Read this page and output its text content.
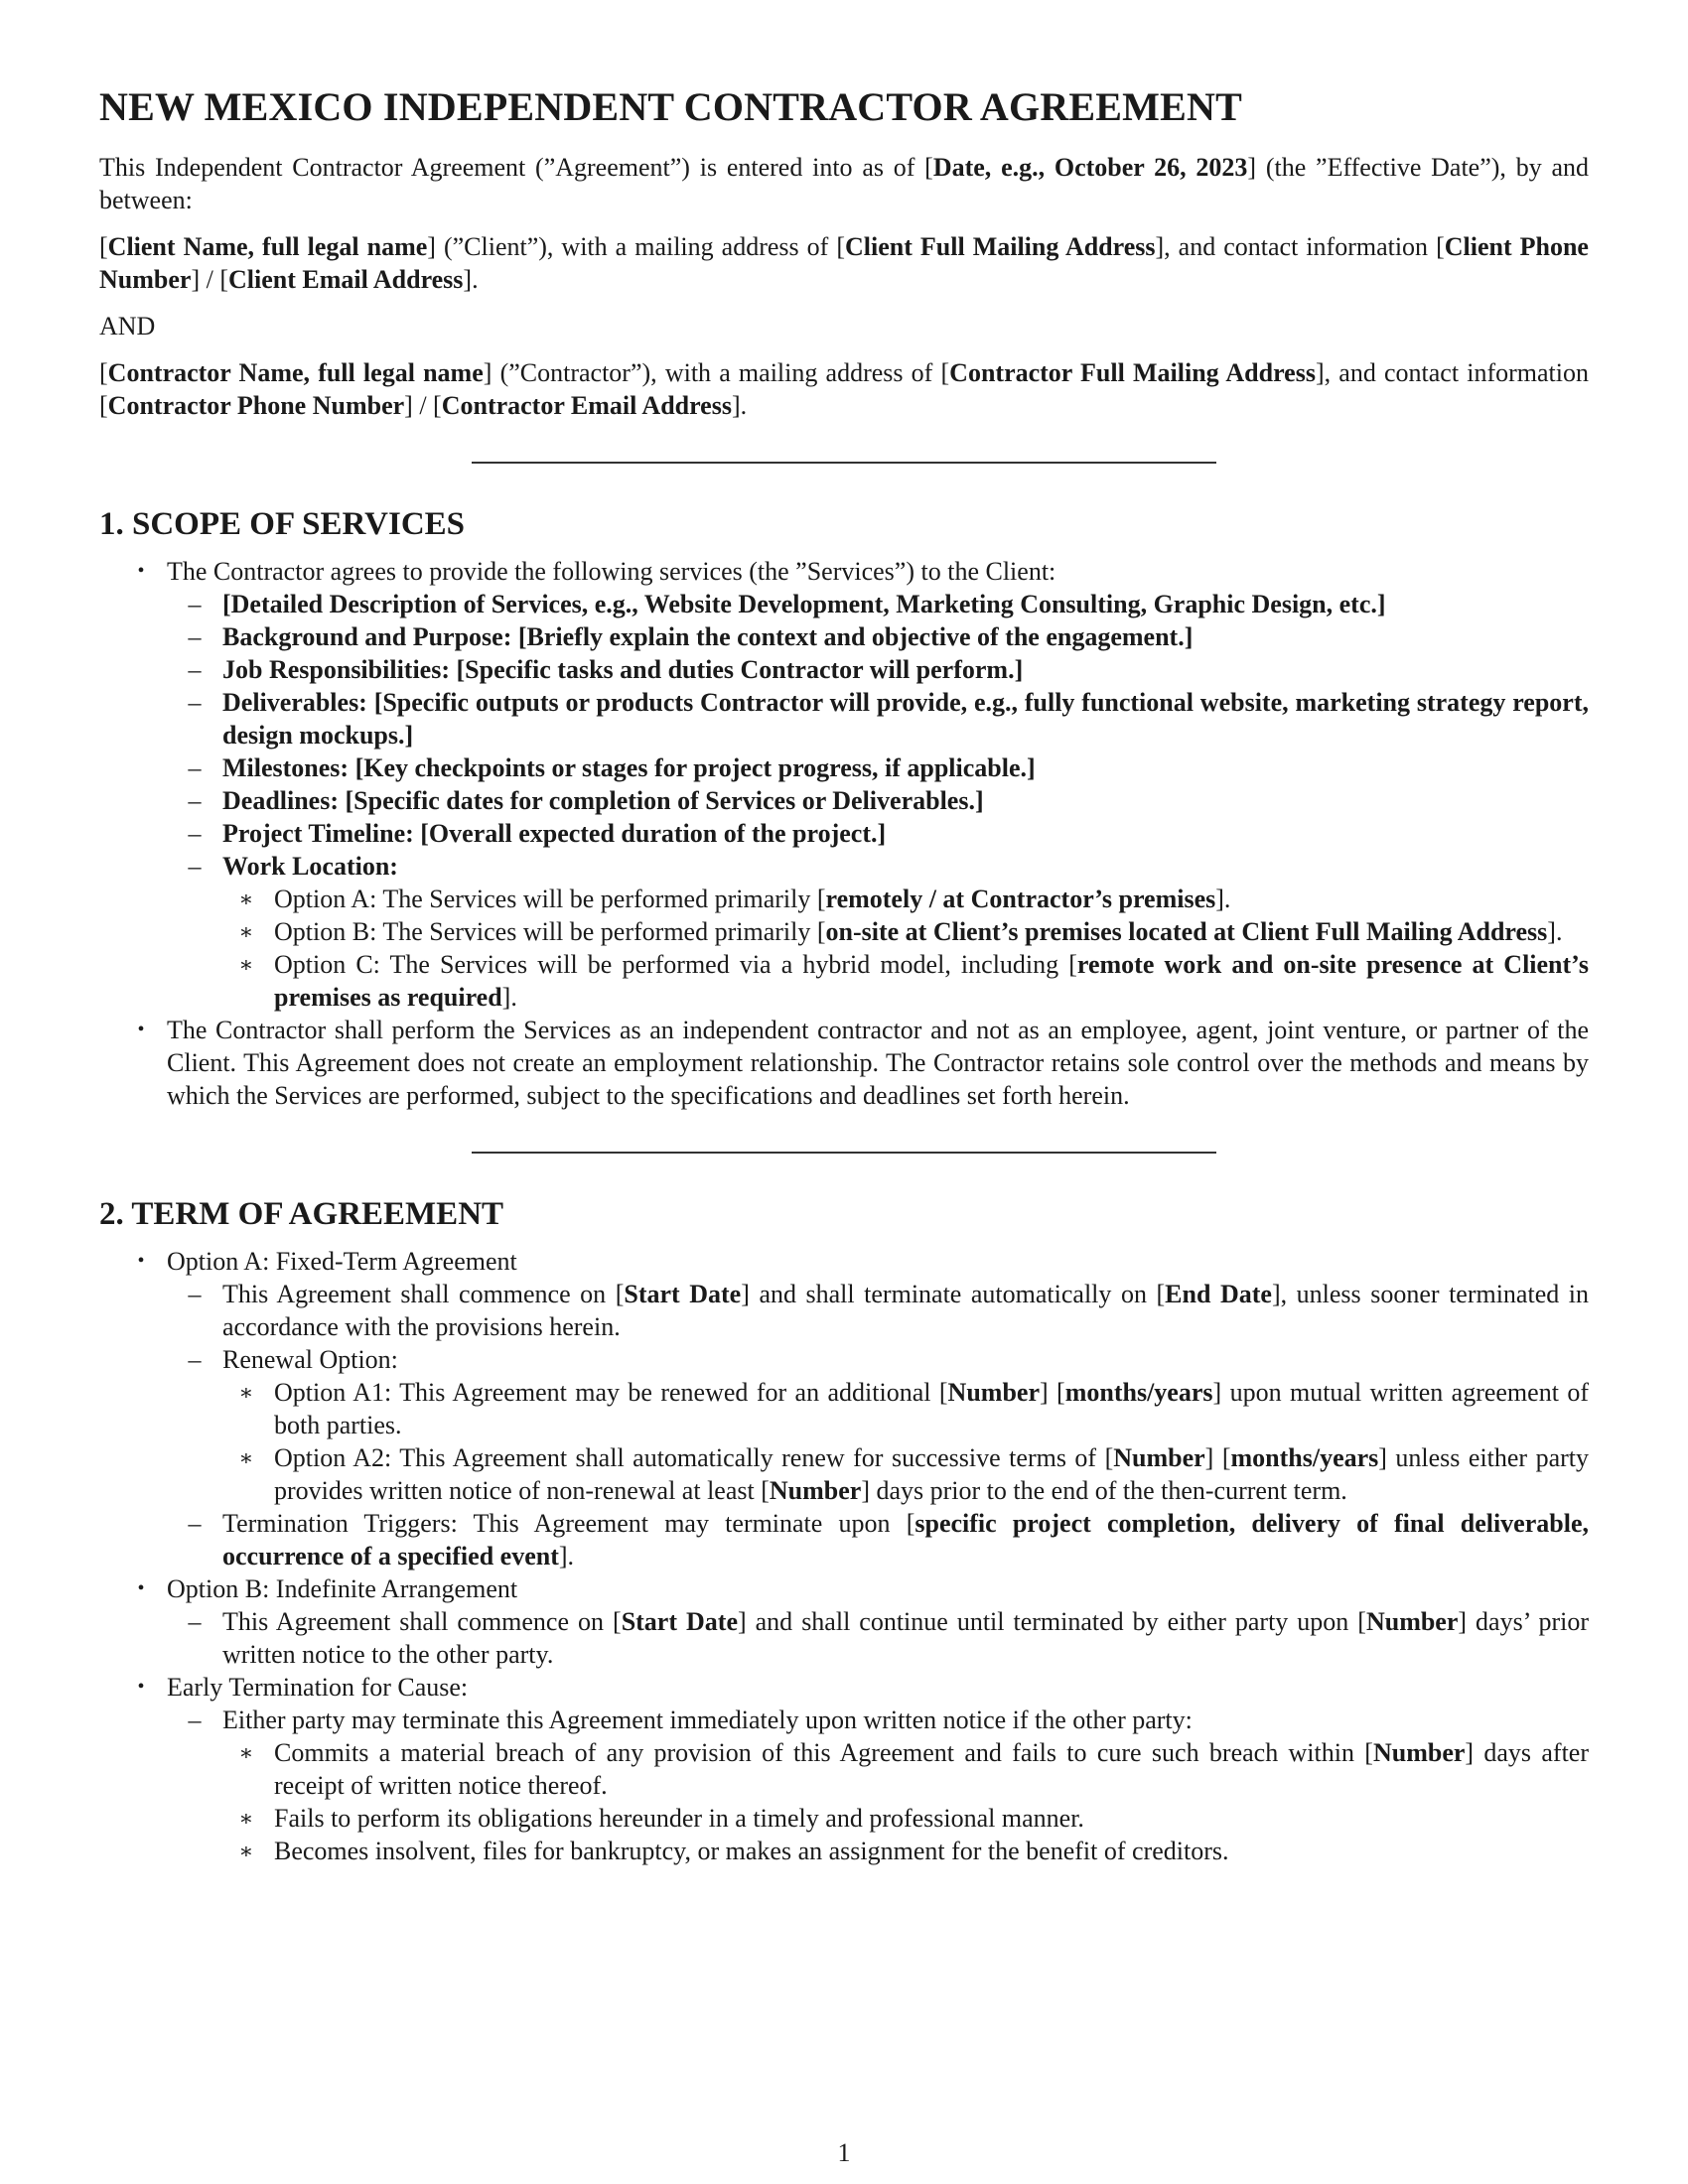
NEW MEXICO INDEPENDENT CONTRACTOR AGREEMENT

This Independent Contractor Agreement (”Agreement”) is entered into as of [Date, e.g., October 26, 2023] (the ”Effective Date”), by and between:

[Client Name, full legal name] (”Client”), with a mailing address of [Client Full Mailing Address], and contact information [Client Phone Number] / [Client Email Address].

AND

[Contractor Name, full legal name] (”Contractor”), with a mailing address of [Contractor Full Mailing Address], and contact information [Contractor Phone Number] / [Contractor Email Address].

1. SCOPE OF SERVICES
• The Contractor agrees to provide the following services (the ”Services”) to the Client:
– [Detailed Description of Services, e.g., Website Development, Marketing Consulting, Graphic Design, etc.]
– Background and Purpose: [Briefly explain the context and objective of the engagement.]
– Job Responsibilities: [Specific tasks and duties Contractor will perform.]
– Deliverables: [Specific outputs or products Contractor will provide, e.g., fully functional website, marketing strategy report, design mockups.]
– Milestones: [Key checkpoints or stages for project progress, if applicable.]
– Deadlines: [Specific dates for completion of Services or Deliverables.]
– Project Timeline: [Overall expected duration of the project.]
– Work Location:
∗ Option A: The Services will be performed primarily [remotely / at Contractor’s premises].
∗ Option B: The Services will be performed primarily [on-site at Client’s premises located at Client Full Mailing Address].
∗ Option C: The Services will be performed via a hybrid model, including [remote work and on-site presence at Client’s premises as required].
• The Contractor shall perform the Services as an independent contractor and not as an employee, agent, joint venture, or partner of the Client. This Agreement does not create an employment relationship. The Contractor retains sole control over the methods and means by which the Services are performed, subject to the specifications and deadlines set forth herein.
2. TERM OF AGREEMENT
• Option A: Fixed-Term Agreement
– This Agreement shall commence on [Start Date] and shall terminate automatically on [End Date], unless sooner terminated in accordance with the provisions herein.
– Renewal Option:
∗ Option A1: This Agreement may be renewed for an additional [Number] [months/years] upon mutual written agreement of both parties.
∗ Option A2: This Agreement shall automatically renew for successive terms of [Number] [months/years] unless either party provides written notice of non-renewal at least [Number] days prior to the end of the then-current term.
– Termination Triggers: This Agreement may terminate upon [specific project completion, delivery of final deliverable, occurrence of a specified event].
• Option B: Indefinite Arrangement
– This Agreement shall commence on [Start Date] and shall continue until terminated by either party upon [Number] days’ prior written notice to the other party.
• Early Termination for Cause:
– Either party may terminate this Agreement immediately upon written notice if the other party:
∗ Commits a material breach of any provision of this Agreement and fails to cure such breach within [Number] days after receipt of written notice thereof.
∗ Fails to perform its obligations hereunder in a timely and professional manner.
∗ Becomes insolvent, files for bankruptcy, or makes an assignment for the benefit of creditors.
1
